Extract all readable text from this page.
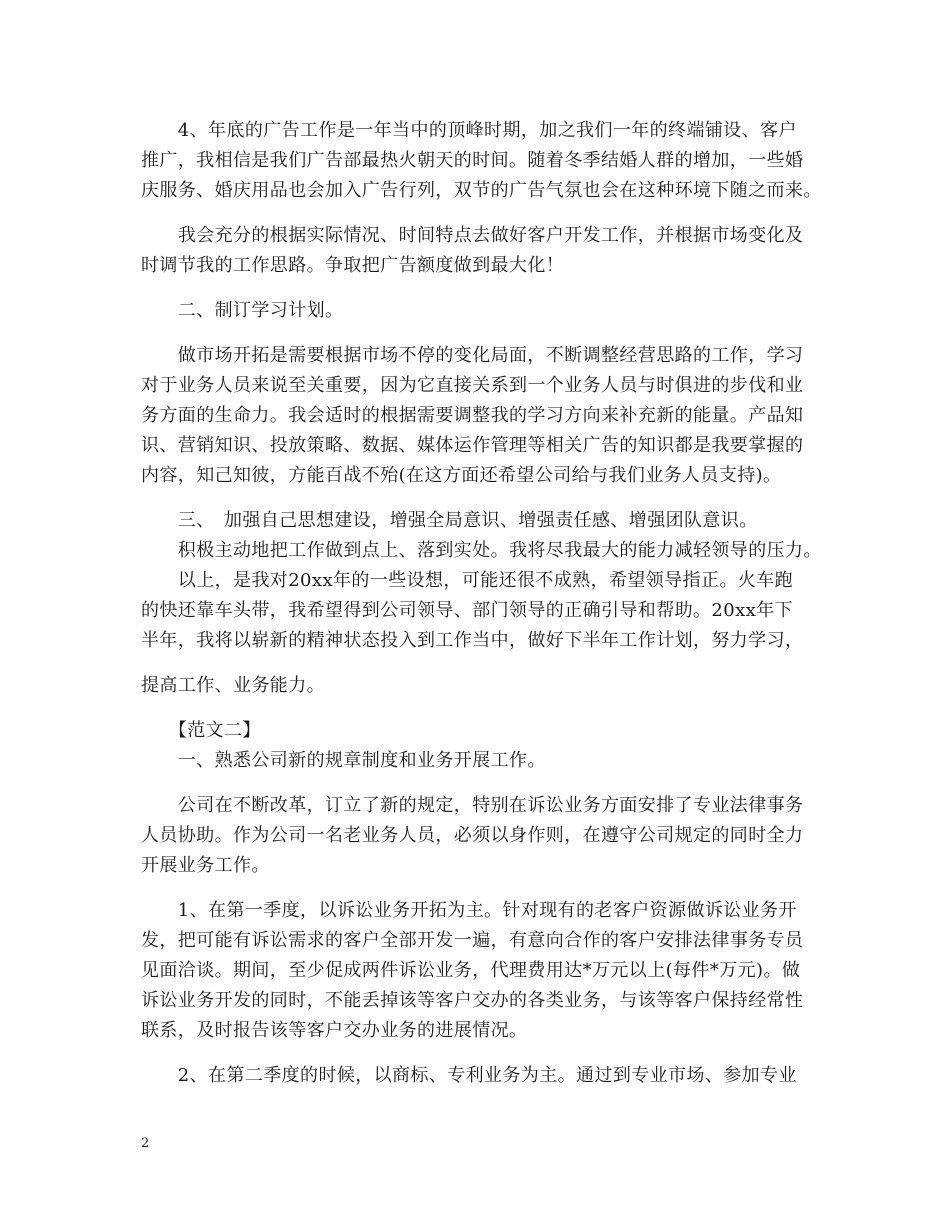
　　4、年底的广告工作是一年当中的顶峰时期，加之我们一年的终端铺设、客户
推广，我相信是我们广告部最热火朝天的时间。随着冬季结婚人群的增加，一些婚
庆服务、婚庆用品也会加入广告行列，双节的广告气氛也会在这种环境下随之而来。
　　我会充分的根据实际情况、时间特点去做好客户开发工作，并根据市场变化及
时调节我的工作思路。争取把广告额度做到最大化！
　　二、制订学习计划。
　　做市场开拓是需要根据市场不停的变化局面，不断调整经营思路的工作，学习
对于业务人员来说至关重要，因为它直接关系到一个业务人员与时俱进的步伐和业
务方面的生命力。我会适时的根据需要调整我的学习方向来补充新的能量。产品知
识、营销知识、投放策略、数据、媒体运作管理等相关广告的知识都是我要掌握的
内容，知己知彼，方能百战不殆(在这方面还希望公司给与我们业务人员支持)。
　　三、　加强自己思想建设，增强全局意识、增强责任感、增强团队意识。
　　积极主动地把工作做到点上、落到实处。我将尽我最大的能力减轻领导的压力。
　　以上，是我对20xx年的一些设想，可能还很不成熟，希望领导指正。火车跑
的快还靠车头带，我希望得到公司领导、部门领导的正确引导和帮助。20xx年下
半年，我将以崭新的精神状态投入到工作当中，做好下半年工作计划，努力学习，
提高工作、业务能力。
　　【范文二】
　　一、熟悉公司新的规章制度和业务开展工作。
　　公司在不断改革，订立了新的规定，特别在诉讼业务方面安排了专业法律事务
人员协助。作为公司一名老业务人员，必须以身作则，在遵守公司规定的同时全力
开展业务工作。
　　1、在第一季度，以诉讼业务开拓为主。针对现有的老客户资源做诉讼业务开
发，把可能有诉讼需求的客户全部开发一遍，有意向合作的客户安排法律事务专员
见面洽谈。期间，至少促成两件诉讼业务，代理费用达*万元以上(每件*万元)。做
诉讼业务开发的同时，不能丢掉该等客户交办的各类业务，与该等客户保持经常性
联系，及时报告该等客户交办业务的进展情况。
　　2、在第二季度的时候，以商标、专利业务为主。通过到专业市场、参加专业
2
